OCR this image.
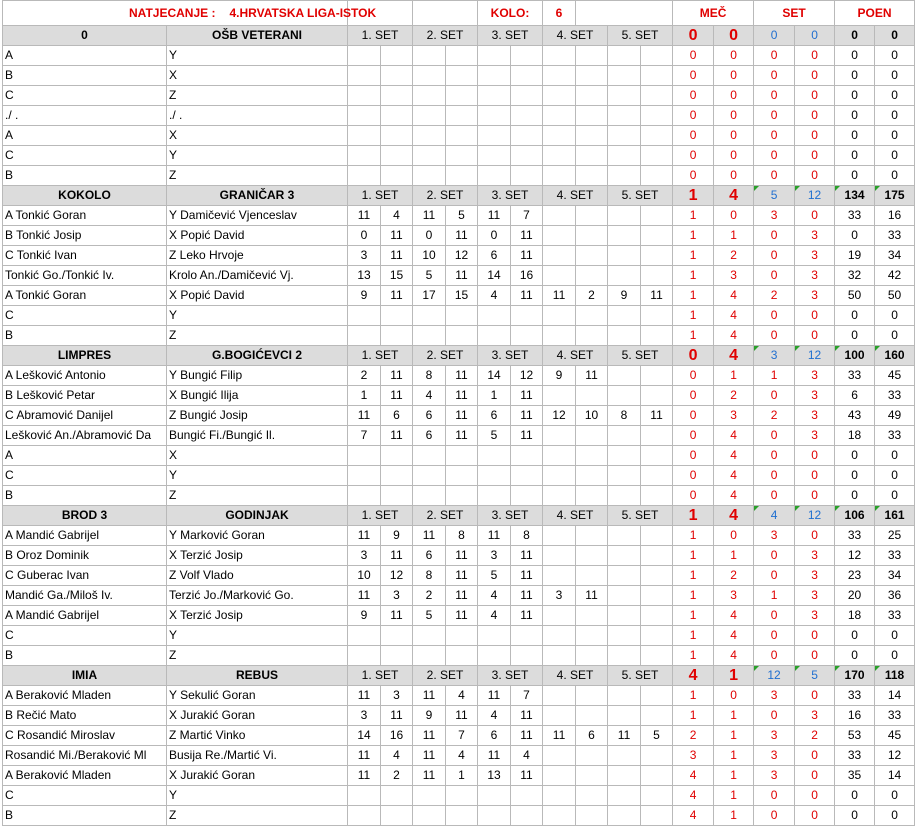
NATJECANJE : 4.HRVATSKA LIGA-ISTOK						KOLO:		6				MEČ		SET		POEN	
0	OŠB VETERANI	1. SET		2. SET		3. SET		4. SET		5. SET		0	0	0	0	0	0
A	Y											0	0	0	0	0	0
B	X											0	0	0	0	0	0
C	Z											0	0	0	0	0	0
./ .	./ .											0	0	0	0	0	0
A	X											0	0	0	0	0	0
C	Y											0	0	0	0	0	0
B	Z											0	0	0	0	0	0
KOKOLO	GRANIČAR 3	1. SET		2. SET		3. SET		4. SET		5. SET		1	4	5	12	134	175
A Tonkić Goran	Y Damičević Vjenceslav	11	4	11	5	11	7					1	0	3	0	33	16
B Tonkić Josip	X Popić David	0	11	0	11	0	11					1	1	0	3	0	33
C Tonkić Ivan	Z Leko Hrvoje	3	11	10	12	6	11					1	2	0	3	19	34
Tonkić Go./Tonkić Iv.	Krolo An./Damičević Vj.	13	15	5	11	14	16					1	3	0	3	32	42
A Tonkić Goran	X Popić David	9	11	17	15	4	11	11	2	9	11	1	4	2	3	50	50
C	Y											1	4	0	0	0	0
B	Z											1	4	0	0	0	0
LIMPRES	G.BOGIĆEVCI 2	1. SET		2. SET		3. SET		4. SET		5. SET		0	4	3	12	100	160
A Lešković Antonio	Y Bungić Filip	2	11	8	11	14	12	9	11			0	1	1	3	33	45
B Lešković Petar	X Bungić Ilija	1	11	4	11	1	11					0	2	0	3	6	33
C Abramović Danijel	Z Bungić Josip	11	6	6	11	6	11	12	10	8	11	0	3	2	3	43	49
Lešković An./Abramović Da	Bungić Fi./Bungić Il.	7	11	6	11	5	11					0	4	0	3	18	33
A	X											0	4	0	0	0	0
C	Y											0	4	0	0	0	0
B	Z											0	4	0	0	0	0
BROD 3	GODINJAK	1. SET		2. SET		3. SET		4. SET		5. SET		1	4	4	12	106	161
A Mandić Gabrijel	Y Marković Goran	11	9	11	8	11	8					1	0	3	0	33	25
B Oroz Dominik	X Terzić Josip	3	11	6	11	3	11					1	1	0	3	12	33
C Guberac Ivan	Z Volf Vlado	10	12	8	11	5	11					1	2	0	3	23	34
Mandić Ga./Miloš Iv.	Terzić Jo./Marković Go.	11	3	2	11	4	11	3	11			1	3	1	3	20	36
A Mandić Gabrijel	X Terzić Josip	9	11	5	11	4	11					1	4	0	3	18	33
C	Y											1	4	0	0	0	0
B	Z											1	4	0	0	0	0
IMIA	REBUS	1. SET		2. SET		3. SET		4. SET		5. SET		4	1	12	5	170	118
A Beraković Mladen	Y Sekulić Goran	11	3	11	4	11	7					1	0	3	0	33	14
B Rečić Mato	X Jurakić Goran	3	11	9	11	4	11					1	1	0	3	16	33
C Rosandić Miroslav	Z Martić Vinko	14	16	11	7	6	11	11	6	11	5	2	1	3	2	53	45
Rosandić Mi./Beraković Ml	Busija Re./Martić Vi.	11	4	11	4	11	4					3	1	3	0	33	12
A Beraković Mladen	X Jurakić Goran	11	2	11	1	13	11					4	1	3	0	35	14
C	Y											4	1	0	0	0	0
B	Z											4	1	0	0	0	0
